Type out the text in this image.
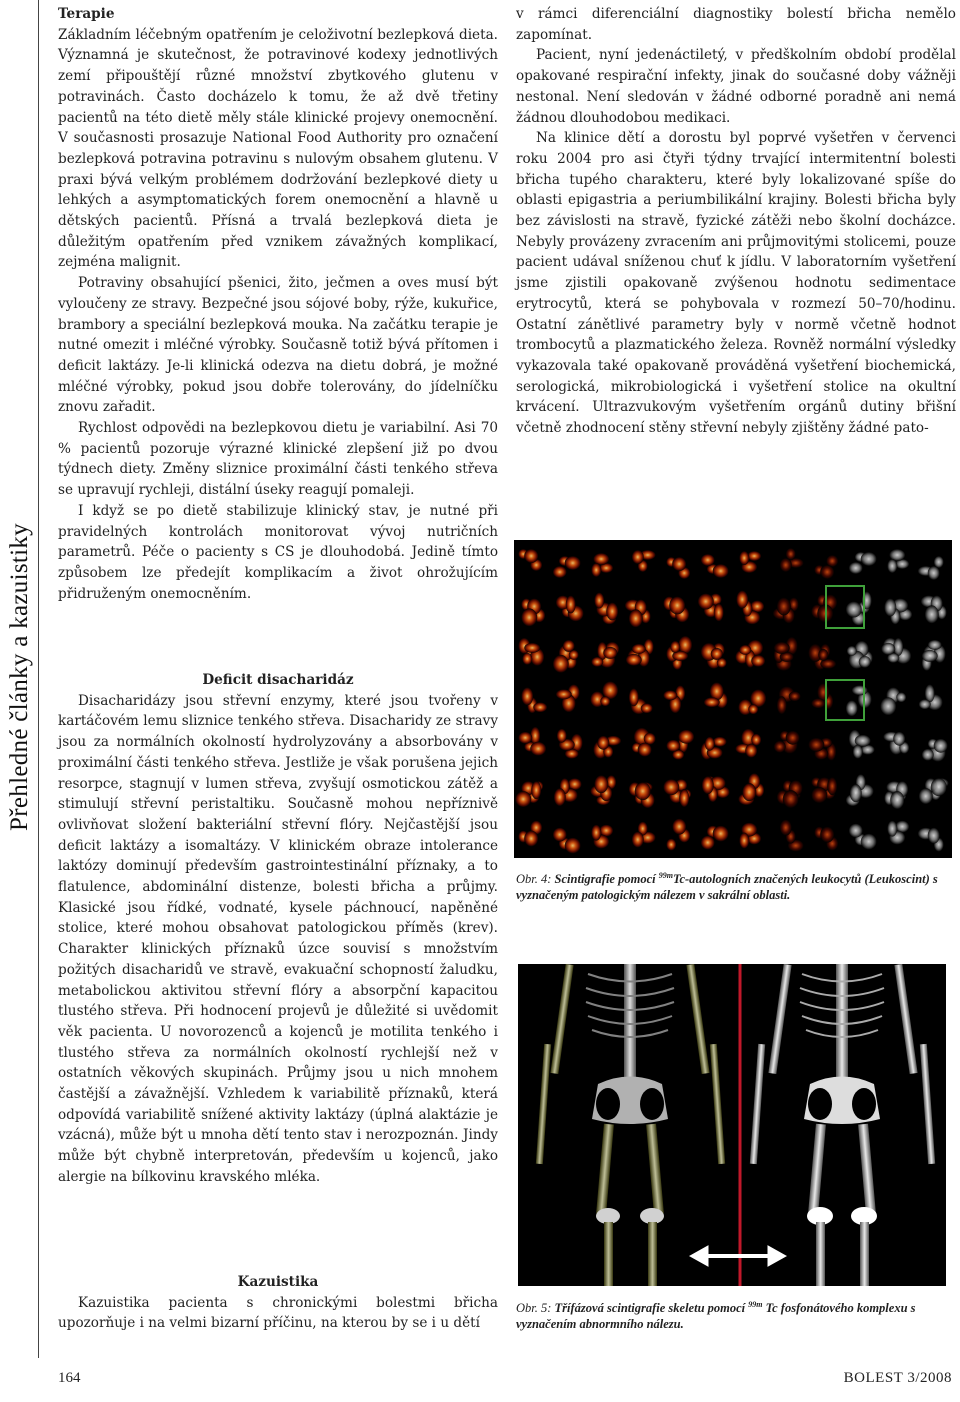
Přehledné články a kazuistiky
Terapie

Základním léčebným opatřením je celoživotní bezlepková dieta. Významná je skutečnost, že potravinové kodexy jednotlivých zemí připouštějí různé množství zbytkového glutenu v potravinách. Často docházelo k tomu, že až dvě třetiny pacientů na této dietě měly stále klinické projevy onemocnění. V současnosti prosazuje National Food Authority pro označení bezlepková potravina potravinu s nulovým obsahem glutenu. V praxi bývá velkým problémem dodržování bezlepkové diety u lehkých a asymptomatických forem onemocnění a hlavně u dětských pacientů. Přísná a trvalá bezlepková dieta je důležitým opatřením před vznikem závažných komplikací, zejména malignit.

Potraviny obsahující pšenici, žito, ječmen a oves musí být vyloučeny ze stravy. Bezpečné jsou sójové boby, rýže, kukuřice, brambory a speciální bezlepková mouka. Na začátku terapie je nutné omezit i mléčné výrobky. Současně totiž bývá přítomen i deficit laktázy. Je-li klinická odezva na dietu dobrá, je možné mléčné výrobky, pokud jsou dobře tolerovány, do jídelníčku znovu zařadit.

Rychlost odpovědi na bezlepkovou dietu je variabilní. Asi 70 % pacientů pozoruje výrazné klinické zlepšení již po dvou týdnech diety. Změny sliznice proximální části tenkého střeva se upravují rychleji, distální úseky reagují pomaleji.

I když se po dietě stabilizuje klinický stav, je nutné při pravidelných kontrolách monitorovat vývoj nutričních parametrů. Péče o pacienty s CS je dlouhodobá. Jedině tímto způsobem lze předejít komplikacím a život ohrožujícím přidruženým onemocněním.

Deficit disacharidáz

Disacharidázy jsou střevní enzymy, které jsou tvořeny v kartáčovém lemu sliznice tenkého střeva. Disacharidy ze stravy jsou za normálních okolností hydrolyzovány a absorbovány v proximální části tenkého střeva. Jestliže je však porušena jejich resorpce, stagnují v lumen střeva, zvyšují osmotickou zátěž a stimulují střevní peristaltiku. Současně mohou nepříznivě ovlivňovat složení bakteriální střevní flóry. Nejčastější jsou deficit laktázy a isomaltázy. V klinickém obraze intolerance laktózy dominují především gastrointestinální příznaky, a to flatulence, abdominální distenze, bolesti břicha a průjmy. Klasické jsou řídké, vodnaté, kysele páchnoucí, napěněné stolice, které mohou obsahovat patologickou příměs (krev). Charakter klinických příznaků úzce souvisí s množstvím požitých disacharidů ve stravě, evakuační schopností žaludku, metabolickou aktivitou střevní flóry a absorpční kapacitou tlustého střeva. Při hodnocení projevů je důležité si uvědomit věk pacienta. U novorozenců a kojenců je motilita tenkého i tlustého střeva za normálních okolností rychlejší než v ostatních věkových skupinách. Průjmy jsou u nich mnohem častější a závažnější. Vzhledem k variabilitě příznaků, která odpovídá variabilitě snížené aktivity laktázy (úplná alaktázie je vzácná), může být u mnoha dětí tento stav i nerozpoznán. Jindy může být chybně interpretován, především u kojenců, jako alergie na bílkovinu kravského mléka.

Kazuistika

Kazuistika pacienta s chronickými bolestmi břicha upozorňuje i na velmi bizarní příčinu, na kterou by se i u dětí

v rámci diferenciální diagnostiky bolestí břicha nemělo zapomínat.

Pacient, nyní jedenáctiletý, v předškolním období prodělal opakované respirační infekty, jinak do současné doby vážněji nestonal. Není sledován v žádné odborné poradně ani nemá žádnou dlouhodobou medikaci.

Na klinice dětí a dorostu byl poprvé vyšetřen v červenci roku 2004 pro asi čtyři týdny trvající intermitentní bolesti břicha tupého charakteru, které byly lokalizované spíše do oblasti epigastria a periumbilikální krajiny. Bolesti břicha byly bez závislosti na stravě, fyzické zátěži nebo školní docházce. Nebyly provázeny zvracením ani průjmovitými stolicemi, pouze pacient udával sníženou chuť k jídlu. V laboratorním vyšetření jsme zjistili opakovaně zvýšenou hodnotu sedimentace erytrocytů, která se pohybovala v rozmezí 50–70/hodinu. Ostatní zánětlivé parametry byly v normě včetně hodnot trombocytů a plazmatického železa. Rovněž normální výsledky vykazovala také opakovaně prováděná vyšetření biochemická, serologická, mikrobiologická i vyšetření stolice na okultní krvácení. Ultrazvukovým vyšetřením orgánů dutiny břišní včetně zhodnocení stěny střevní nebyly zjištěny žádné pato-

Obr. 4: Scintigrafie pomocí $^{99m}$Tc-autologních značených leukocytů (Leukoscint) s vyznačeným patologickým nálezem v sakrální oblasti.
Obr. 5: Třífázová scintigrafie skeletu pomocí $^{99m}$ Tc fosfonátového komplexu s vyznačením abnormního nálezu.
164	BOLEST 3/2008
